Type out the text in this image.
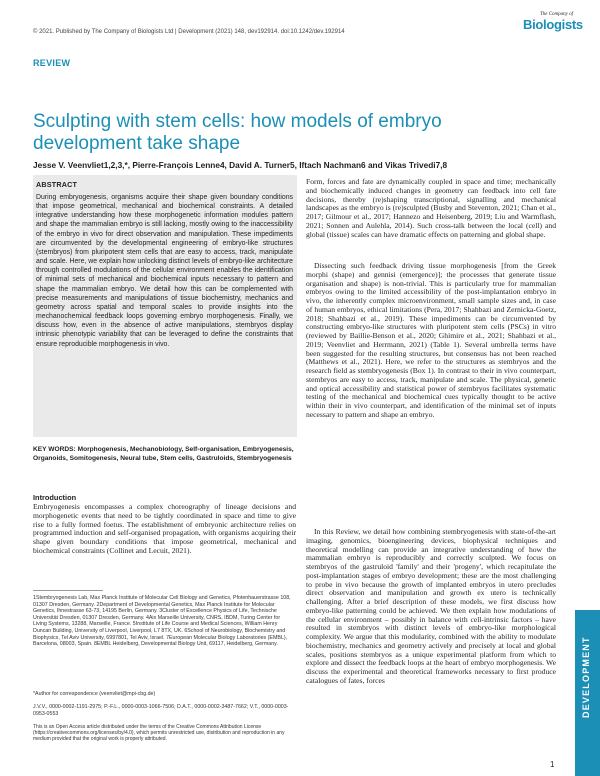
© 2021. Published by The Company of Biologists Ltd | Development (2021) 148, dev192914. doi:10.1242/dev.192914
The Company of
Biologists
REVIEW
Sculpting with stem cells: how models of embryo development take shape
Jesse V. Veenvliet1,2,3,*, Pierre-François Lenne4, David A. Turner5, Iftach Nachman6 and Vikas Trivedi7,8
ABSTRACT
During embryogenesis, organisms acquire their shape given boundary conditions that impose geometrical, mechanical and biochemical constraints. A detailed integrative understanding how these morphogenetic information modules pattern and shape the mammalian embryo is still lacking, mostly owing to the inaccessibility of the embryo in vivo for direct observation and manipulation. These impediments are circumvented by the developmental engineering of embryo-like structures (stembryos) from pluripotent stem cells that are easy to access, track, manipulate and scale. Here, we explain how unlocking distinct levels of embryo-like architecture through controlled modulations of the cellular environment enables the identification of minimal sets of mechanical and biochemical inputs necessary to pattern and shape the mammalian embryo. We detail how this can be complemented with precise measurements and manipulations of tissue biochemistry, mechanics and geometry across spatial and temporal scales to provide insights into the mechanochemical feedback loops governing embryo morphogenesis. Finally, we discuss how, even in the absence of active manipulations, stembryos display intrinsic phenotypic variability that can be leveraged to define the constraints that ensure reproducible morphogenesis in vivo.
KEY WORDS: Morphogenesis, Mechanobiology, Self-organisation, Embryogenesis, Organoids, Somitogenesis, Neural tube, Stem cells, Gastruloids, Stembryogenesis
Introduction
Embryogenesis encompasses a complex choreography of lineage decisions and morphogenetic events that need to be tightly coordinated in space and time to give rise to a fully formed foetus. The establishment of embryonic architecture relies on programmed induction and self-organised propagation, with organisms acquiring their shape given boundary conditions that impose geometrical, mechanical and biochemical constraints (Collinet and Lecuit, 2021).
1Stembryogenesis Lab, Max Planck Institute of Molecular Cell Biology and Genetics, Pfotenhauerstrasse 108, 01307 Dresden, Germany. 2Department of Developmental Genetics, Max Planck Institute for Molecular Genetics, Ihnestrasse 63-73, 14195 Berlin, Germany. 3Cluster of Excellence Physics of Life, Technische Universität Dresden, 01307 Dresden, Germany. 4Aix Marseille University, CNRS, IBDM, Turing Center for Living Systems, 13288, Marseille, France. 5Institute of Life Course and Medical Sciences, William Henry Duncan Building, University of Liverpool, Liverpool, L7 8TX, UK. 6School of Neurobiology, Biochemistry and Biophysics, Tel Aviv University, 6997801, Tel Aviv, Israel. 7European Molecular Biology Laboratories (EMBL), Barcelona, 08003, Spain. 8EMBL Heidelberg, Developmental Biology Unit, 69117, Heidelberg, Germany.
*Author for correspondence (veenvliet@mpi-cbg.de)
J.V.V., 0000-0002-1191-2975; P.-F.L., 0000-0003-1066-7506; D.A.T., 0000-0002-3487-7662; V.T., 0000-0003-0953-0553
This is an Open Access article distributed under the terms of the Creative Commons Attribution License (https://creativecommons.org/licenses/by/4.0), which permits unrestricted use, distribution and reproduction in any medium provided that the original work is properly attributed.
Form, forces and fate are dynamically coupled in space and time; mechanically and biochemically induced changes in geometry can feedback into cell fate decisions, thereby (re)shaping transcriptional, signalling and mechanical landscapes as the embryo is (re)sculpted (Busby and Steventon, 2021; Chan et al., 2017; Gilmour et al., 2017; Hannezo and Heisenberg, 2019; Liu and Warmflash, 2021; Sonnen and Aulehla, 2014). Such cross-talk between the local (cell) and global (tissue) scales can have dramatic effects on patterning and global shape.
Dissecting such feedback driving tissue morphogenesis [from the Greek morphi (shape) and gennisi (emergence)]; the processes that generate tissue organisation and shape) is non-trivial. This is particularly true for mammalian embryos owing to the limited accessibility of the post-implantation embryo in vivo, the inherently complex microenvironment, small sample sizes and, in case of human embryos, ethical limitations (Pera, 2017; Shahbazi and Zernicka-Goetz, 2018; Shahbazi et al., 2019). These impediments can be circumvented by constructing embryo-like structures with pluripotent stem cells (PSCs) in vitro (reviewed by Baillie-Benson et al., 2020; Ghimire et al., 2021; Shahbazi et al., 2019; Veenvliet and Herrmann, 2021) (Table 1). Several umbrella terms have been suggested for the resulting structures, but consensus has not been reached (Matthews et al., 2021). Here, we refer to the structures as stembryos and the research field as stembryogenesis (Box 1). In contrast to their in vivo counterpart, stembryos are easy to access, track, manipulate and scale. The physical, genetic and optical accessibility and statistical power of stembryos facilitates systematic testing of the mechanical and biochemical cues typically thought to be active within their in vivo counterpart, and identification of the minimal set of inputs necessary to pattern and shape an embryo.
In this Review, we detail how combining stembryogenesis with state-of-the-art imaging, genomics, bioengineering devices, biophysical techniques and theoretical modelling can provide an integrative understanding of how the mammalian embryo is reproducibly and correctly sculpted. We focus on stembryos of the gastruloid 'family' and their 'progeny', which recapitulate the post-implantation stages of embryo development; these are the most challenging to probe in vivo because the growth of implanted embryos in utero precludes direct observation and manipulation and growth ex utero is technically challenging. After a brief description of these models, we first discuss how embryo-like patterning could be achieved. We then explain how modulations of the cellular environment – possibly in balance with cell-intrinsic factors – have resulted in stembryos with distinct levels of embryo-like morphological complexity. We argue that this modularity, combined with the ability to modulate biochemistry, mechanics and geometry actively and precisely at local and global scales, positions stembryos as a unique experimental platform from which to explore and dissect the feedback loops at the heart of embryo morphogenesis. We discuss the experimental and theoretical frameworks necessary to first produce catalogues of fates, forces	DEVELOPMENT
1
